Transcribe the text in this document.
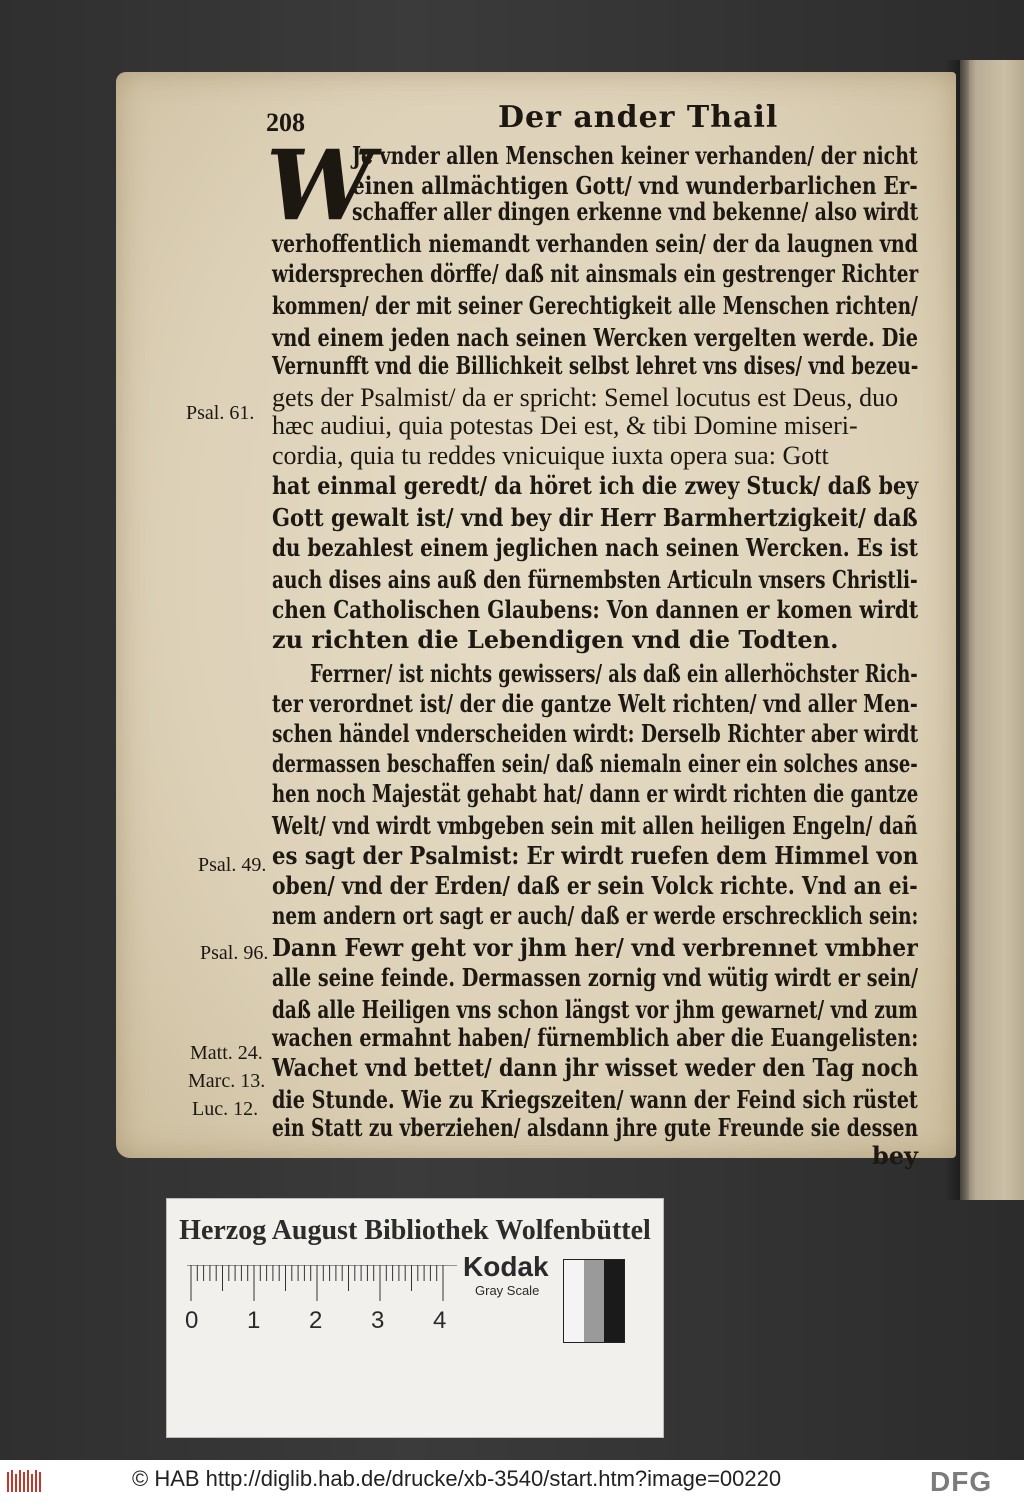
208	Der ander Thail
W
Je vnder allen Menschen keiner verhanden/ der nicht
einen allmächtigen Gott/ vnd wunderbarlichen Er-
schaffer aller dingen erkenne vnd bekenne/ also wirdt
verhoffentlich niemandt verhanden sein/ der da laugnen vnd
widersprechen dörffe/ daß nit ainsmals ein gestrenger Richter
kommen/ der mit seiner Gerechtigkeit alle Menschen richten/
vnd einem jeden nach seinen Wercken vergelten werde. Die
Vernunfft vnd die Billichkeit selbst lehret vns dises/ vnd bezeu-
gets der Psalmist/ da er spricht: Semel locutus est Deus, duo
hæc audiui, quia potestas Dei est, & tibi Domine miseri-
cordia, quia tu reddes vnicuique iuxta opera sua: Gott
hat einmal geredt/ da höret ich die zwey Stuck/ daß bey
Gott gewalt ist/ vnd bey dir Herr Barmhertzigkeit/ daß
du bezahlest einem jeglichen nach seinen Wercken. Es ist
auch dises ains auß den fürnembsten Articuln vnsers Christli-
chen Catholischen Glaubens: Von dannen er komen wirdt
zu richten die Lebendigen vnd die Todten.
Ferrner/ ist nichts gewissers/ als daß ein allerhöchster Rich-
ter verordnet ist/ der die gantze Welt richten/ vnd aller Men-
schen händel vnderscheiden wirdt: Derselb Richter aber wirdt
dermassen beschaffen sein/ daß niemaln einer ein solches anse-
hen noch Majestät gehabt hat/ dann er wirdt richten die gantze
Welt/ vnd wirdt vmbgeben sein mit allen heiligen Engeln/ dañ
es sagt der Psalmist: Er wirdt ruefen dem Himmel von
oben/ vnd der Erden/ daß er sein Volck richte. Vnd an ei-
nem andern ort sagt er auch/ daß er werde erschrecklich sein:
Dann Fewr geht vor jhm her/ vnd verbrennet vmbher
alle seine feinde. Dermassen zornig vnd wütig wirdt er sein/
daß alle Heiligen vns schon längst vor jhm gewarnet/ vnd zum
wachen ermahnt haben/ fürnemblich aber die Euangelisten:
Wachet vnd bettet/ dann jhr wisset weder den Tag noch
die Stunde. Wie zu Kriegszeiten/ wann der Feind sich rüstet
ein Statt zu vberziehen/ alsdann jhre gute Freunde sie dessen
bey
Psal. 61.
Psal. 49.
Psal. 96.
Matt. 24.
Marc. 13.
Luc. 12.
Herzog August Bibliothek Wolfenbüttel
0 1 2 3 4
Kodak
Gray Scale
© HAB http://diglib.hab.de/drucke/xb-3540/start.htm?image=00220	DFG
